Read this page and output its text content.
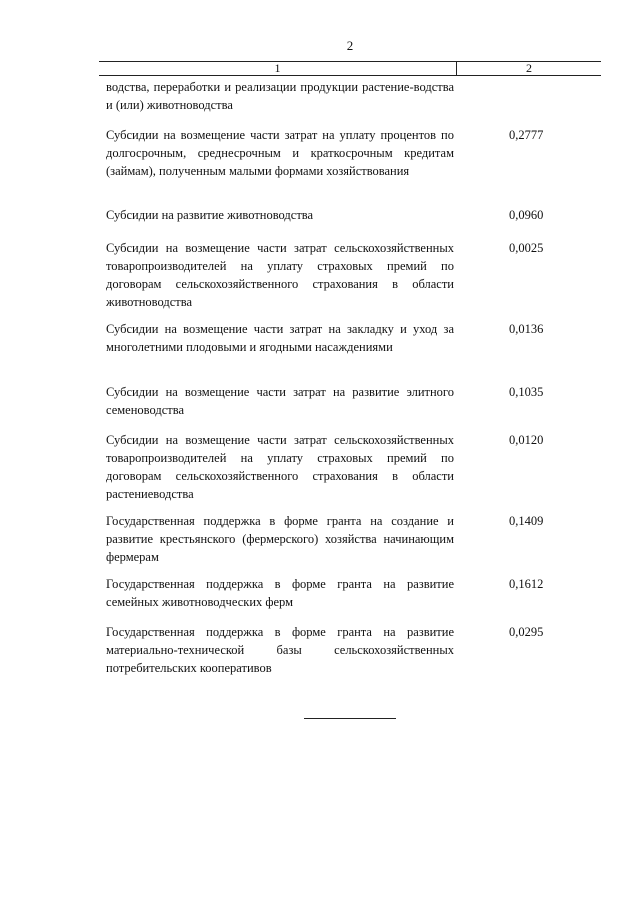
2
1	2
водства, переработки и реализации продукции растение-водства и (или) животноводства
Субсидии на возмещение части затрат на уплату процентов по долгосрочным, среднесрочным и краткосрочным кредитам (займам), полученным малыми формами хозяйствования
0,2777
Субсидии на развитие животноводства	0,0960
Субсидии на возмещение части затрат сельскохозяйственных товаропроизводителей на уплату страховых премий по договорам сельскохозяйственного страхования в области животноводства
0,0025
Субсидии на возмещение части затрат на закладку и уход за многолетними плодовыми и ягодными насаждениями
0,0136
Субсидии на возмещение части затрат на развитие элитного семеноводства
0,1035
Субсидии на возмещение части затрат сельскохозяйственных товаропроизводителей на уплату страховых премий по договорам сельскохозяйственного страхования в области растениеводства
0,0120
Государственная поддержка в форме гранта на создание и развитие крестьянского (фермерского) хозяйства начинающим фермерам
0,1409
Государственная поддержка в форме гранта на развитие семейных животноводческих ферм
0,1612
Государственная поддержка в форме гранта на развитие материально-технической базы сельскохозяйственных потребительских кооперативов
0,0295
